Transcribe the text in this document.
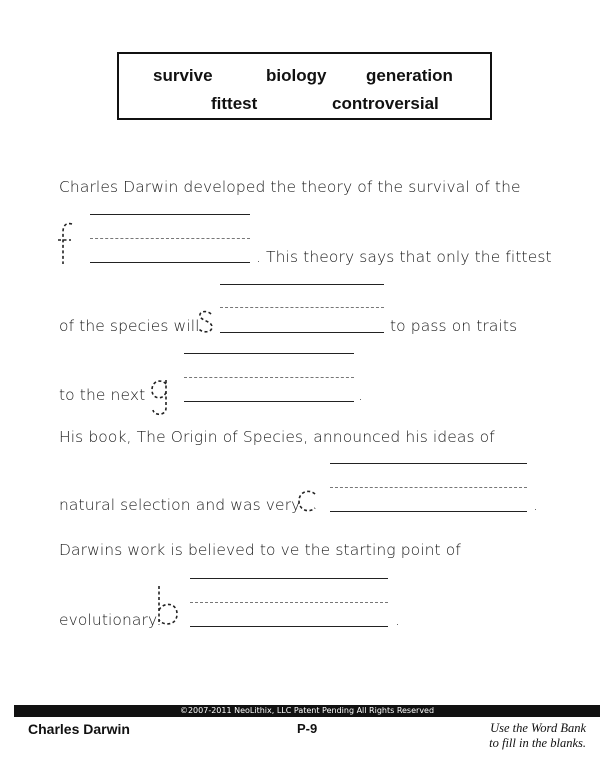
survive	biology generation
fittest	controversial
Charles Darwin developed the theory of the survival of the
. This theory says that only the fittest
of the species will	to pass on traits
to the next	.
His book, The Origin of Species, announced his ideas of
natural selection and was very	.
Darwins work is believed to ve the starting point of
evolutionary	.
©2007-2011 NeoLithix, LLC Patent Pending All Rights Reserved
Charles Darwin	P-9	Use the Word Bank
to fill in the blanks.
